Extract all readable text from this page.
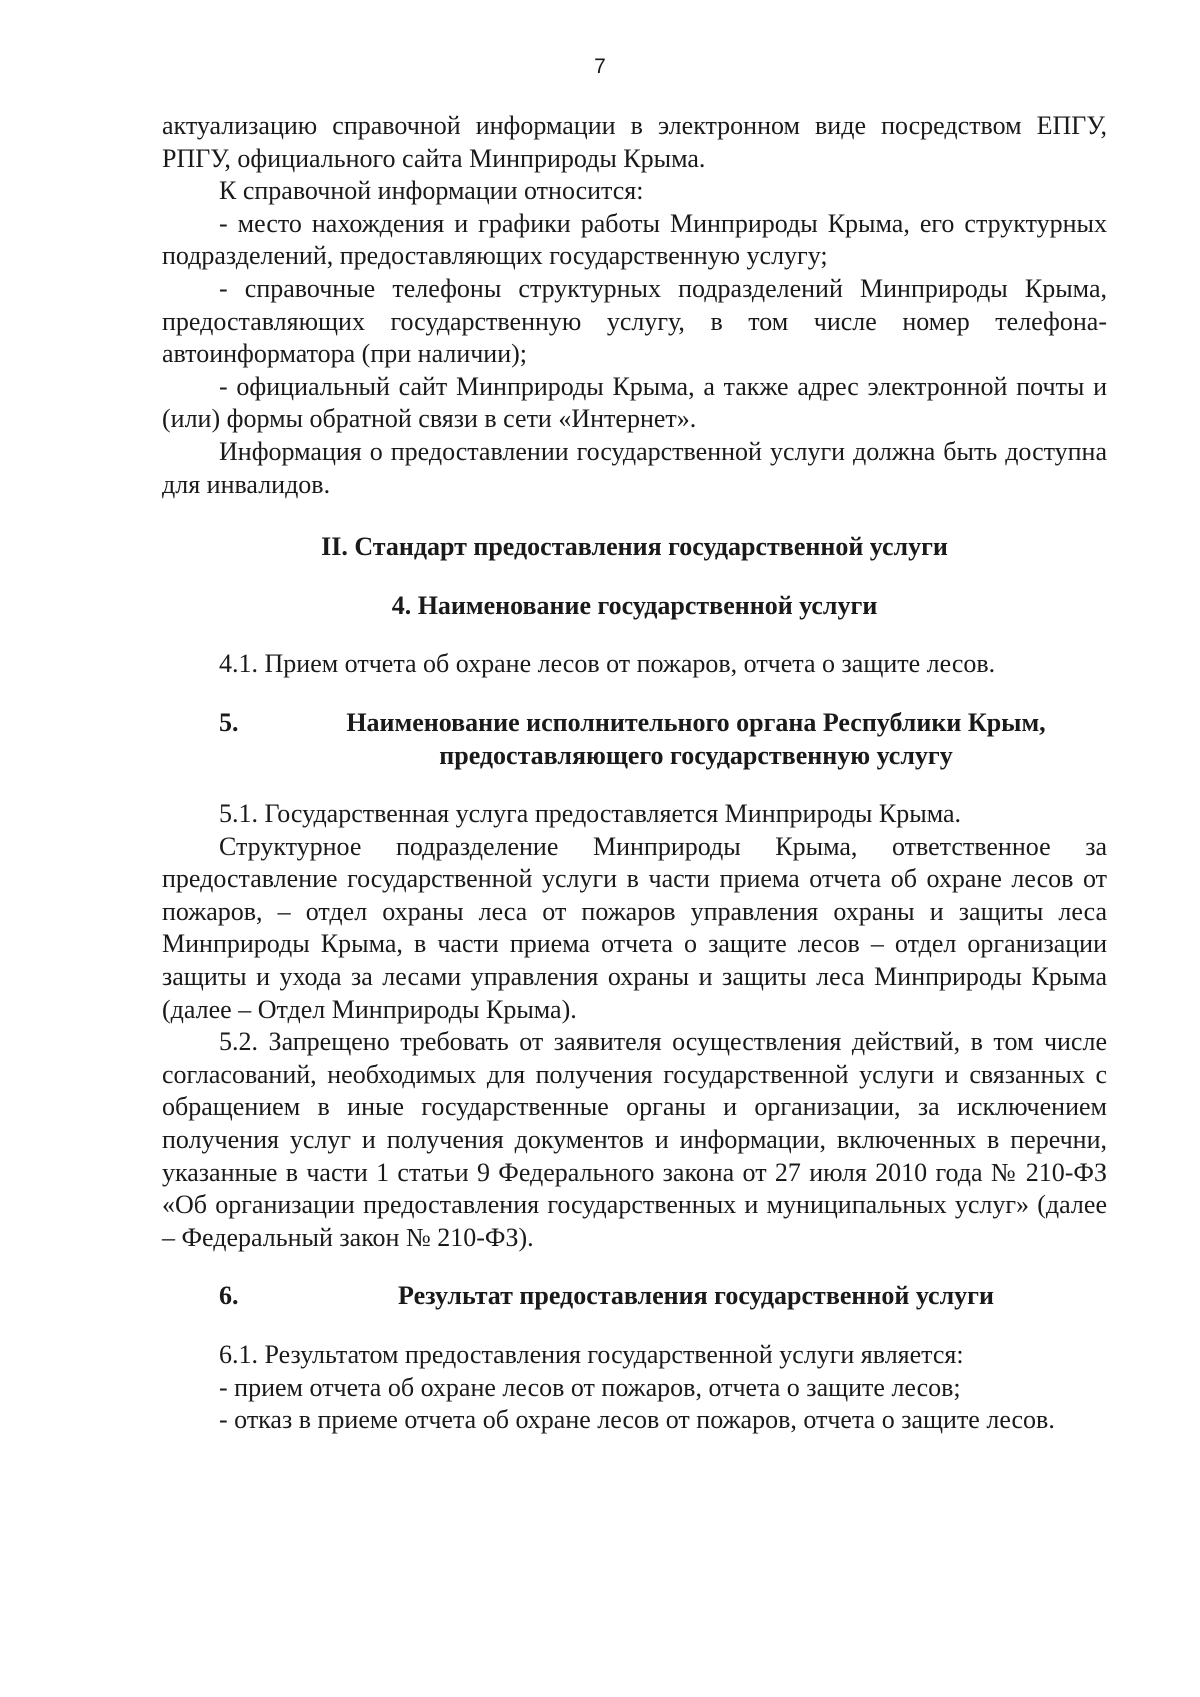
7

актуализацию справочной информации в электронном виде посредством ЕПГУ, РПГУ, официального сайта Минприроды Крыма.

К справочной информации относится:

- место нахождения и графики работы Минприроды Крыма, его структурных подразделений, предоставляющих государственную услугу;

- справочные телефоны структурных подразделений Минприроды Крыма, предоставляющих государственную услугу, в том числе номер телефона-автоинформатора (при наличии);

- официальный сайт Минприроды Крыма, а также адрес электронной почты и (или) формы обратной связи в сети «Интернет».

Информация о предоставлении государственной услуги должна быть доступна для инвалидов.

II. Стандарт предоставления государственной услуги

4. Наименование государственной услуги

4.1. Прием отчета об охране лесов от пожаров, отчета о защите лесов.

5.	Наименование исполнительного органа Республики Крым, предоставляющего государственную услугу

5.1. Государственная услуга предоставляется Минприроды Крыма.

Структурное подразделение Минприроды Крыма, ответственное за предоставление государственной услуги в части приема отчета об охране лесов от пожаров, – отдел охраны леса от пожаров управления охраны и защиты леса Минприроды Крыма, в части приема отчета о защите лесов – отдел организации защиты и ухода за лесами управления охраны и защиты леса Минприроды Крыма (далее – Отдел Минприроды Крыма).

5.2. Запрещено требовать от заявителя осуществления действий, в том числе согласований, необходимых для получения государственной услуги и связанных с обращением в иные государственные органы и организации, за исключением получения услуг и получения документов и информации, включенных в перечни, указанные в части 1 статьи 9 Федерального закона от 27 июля 2010 года № 210-ФЗ «Об организации предоставления государственных и муниципальных услуг» (далее – Федеральный закон № 210-ФЗ).

6.	Результат предоставления государственной услуги

6.1. Результатом предоставления государственной услуги является:

- прием отчета об охране лесов от пожаров, отчета о защите лесов;

- отказ в приеме отчета об охране лесов от пожаров, отчета о защите лесов.
